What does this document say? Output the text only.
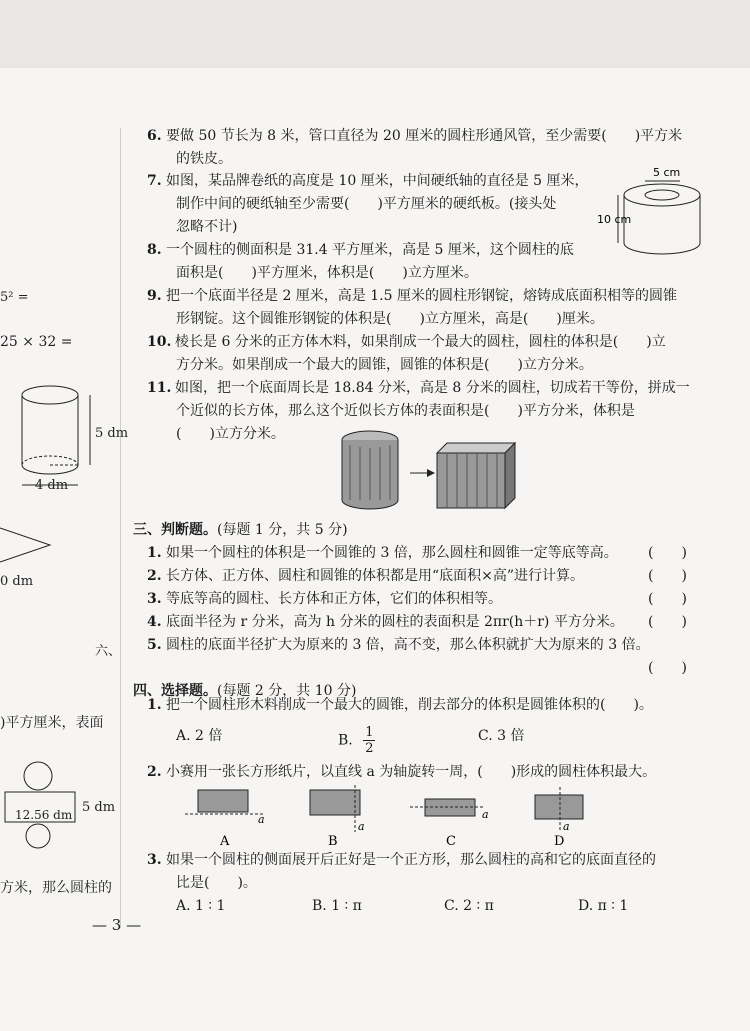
5² =
25 × 32 =
5 dm
4 dm
0 dm
)平方厘米，表面
12.56 dm 5 dm
方米，那么圆柱的
六、
6. 要做 50 节长为 8 米，管口直径为 20 厘米的圆柱形通风管，至少需要(　　)平方米
的铁皮。
7. 如图，某品牌卷纸的高度是 10 厘米，中间硬纸轴的直径是 5 厘米，
制作中间的硬纸轴至少需要(　　)平方厘米的硬纸板。(接头处
忽略不计)
5 cm
10 cm
8. 一个圆柱的侧面积是 31.4 平方厘米，高是 5 厘米，这个圆柱的底
面积是(　　)平方厘米，体积是(　　)立方厘米。
9. 把一个底面半径是 2 厘米，高是 1.5 厘米的圆柱形钢锭，熔铸成底面积相等的圆锥
形钢锭。这个圆锥形钢锭的体积是(　　)立方厘米，高是(　　)厘米。
10. 棱长是 6 分米的正方体木料，如果削成一个最大的圆柱，圆柱的体积是(　　)立
方分米。如果削成一个最大的圆锥，圆锥的体积是(　　)立方分米。
11. 如图，把一个底面周长是 18.84 分米，高是 8 分米的圆柱，切成若干等份，拼成一
个近似的长方体，那么这个近似长方体的表面积是(　　)平方分米，体积是
(　　)立方分米。
三、判断题。(每题 1 分，共 5 分)
1. 如果一个圆柱的体积是一个圆锥的 3 倍，那么圆柱和圆锥一定等底等高。	(　　)
2. 长方体、正方体、圆柱和圆锥的体积都是用“底面积×高”进行计算。	(　　)
3. 等底等高的圆柱、长方体和正方体，它们的体积相等。	(　　)
4. 底面半径为 r 分米，高为 h 分米的圆柱的表面积是 2πr(h＋r) 平方分米。	(　　)
5. 圆柱的底面半径扩大为原来的 3 倍，高不变，那么体积就扩大为原来的 3 倍。
(　　)
四、选择题。(每题 2 分，共 10 分)
1. 把一个圆柱形木料削成一个最大的圆锥，削去部分的体积是圆锥体积的(　　)。
A. 2 倍	B. $\frac{1}{2}$	C. 3 倍
2. 小赛用一张长方形纸片，以直线 a 为轴旋转一周，(　　)形成的圆柱体积最大。
a
A
a
B
a
C
a
D
3. 如果一个圆柱的侧面展开后正好是一个正方形，那么圆柱的高和它的底面直径的
比是(　　)。
A. 1 ∶ 1	B. 1 ∶ π	C. 2 ∶ π	D. π ∶ 1
— 3 —
